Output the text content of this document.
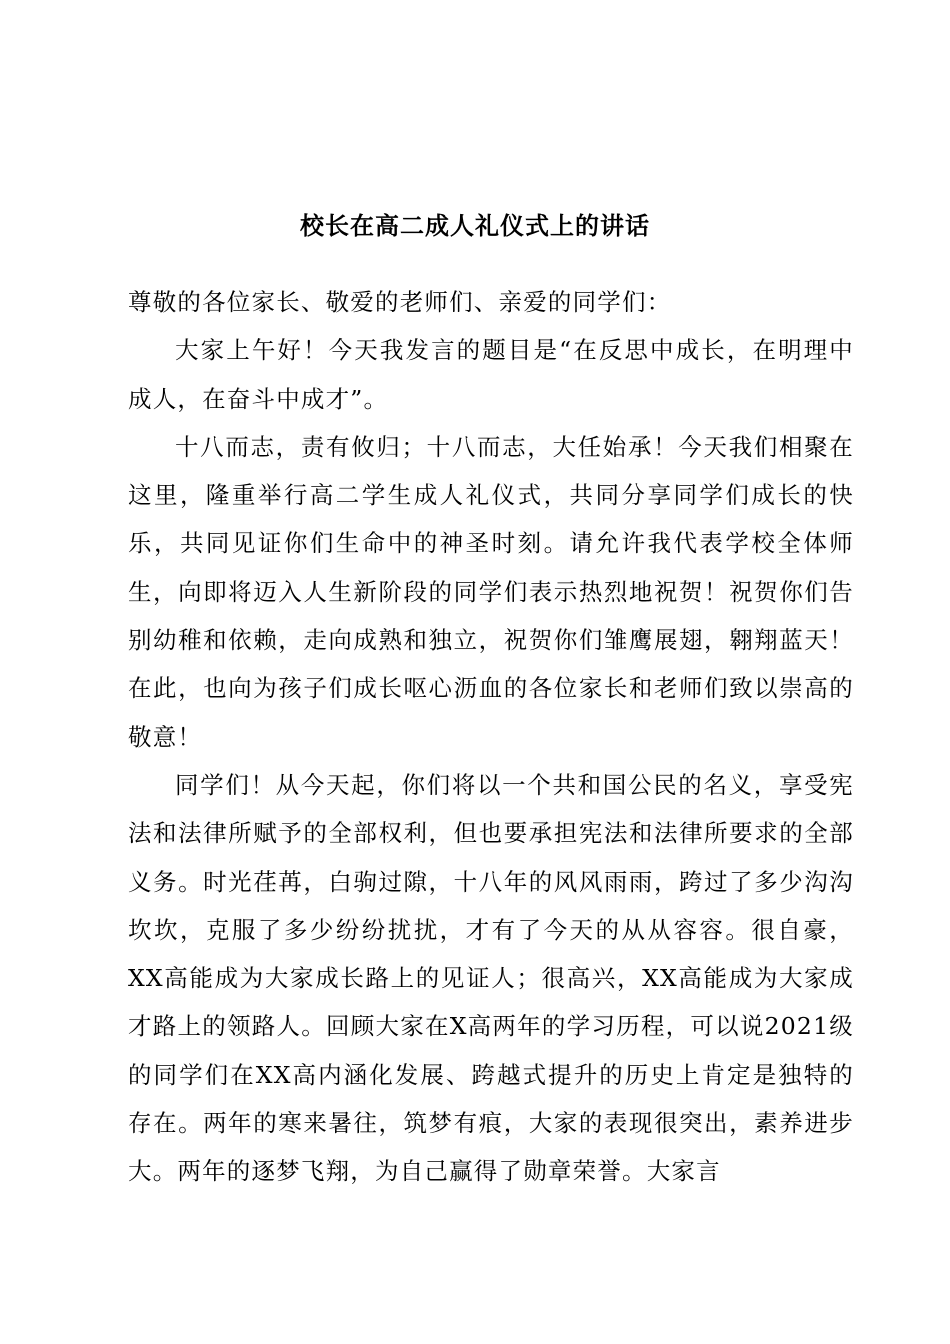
校长在高二成人礼仪式上的讲话

尊敬的各位家长、敬爱的老师们、亲爱的同学们：

大家上午好！今天我发言的题目是“在反思中成长，在明理中成人，在奋斗中成才”。

十八而志，责有攸归；十八而志，大任始承！今天我们相聚在这里，隆重举行高二学生成人礼仪式，共同分享同学们成长的快乐，共同见证你们生命中的神圣时刻。请允许我代表学校全体师生，向即将迈入人生新阶段的同学们表示热烈地祝贺！祝贺你们告别幼稚和依赖，走向成熟和独立，祝贺你们雏鹰展翅，翱翔蓝天！在此，也向为孩子们成长呕心沥血的各位家长和老师们致以崇高的敬意！

同学们！从今天起，你们将以一个共和国公民的名义，享受宪法和法律所赋予的全部权利，但也要承担宪法和法律所要求的全部义务。时光荏苒，白驹过隙，十八年的风风雨雨，跨过了多少沟沟坎坎，克服了多少纷纷扰扰，才有了今天的从从容容。很自豪，XX高能成为大家成长路上的见证人；很高兴，XX高能成为大家成才路上的领路人。回顾大家在X高两年的学习历程，可以说2021级的同学们在XX高内涵化发展、跨越式提升的历史上肯定是独特的存在。两年的寒来暑往，筑梦有痕，大家的表现很突出，素养进步大。两年的逐梦飞翔，为自己赢得了勋章荣誉。大家言
